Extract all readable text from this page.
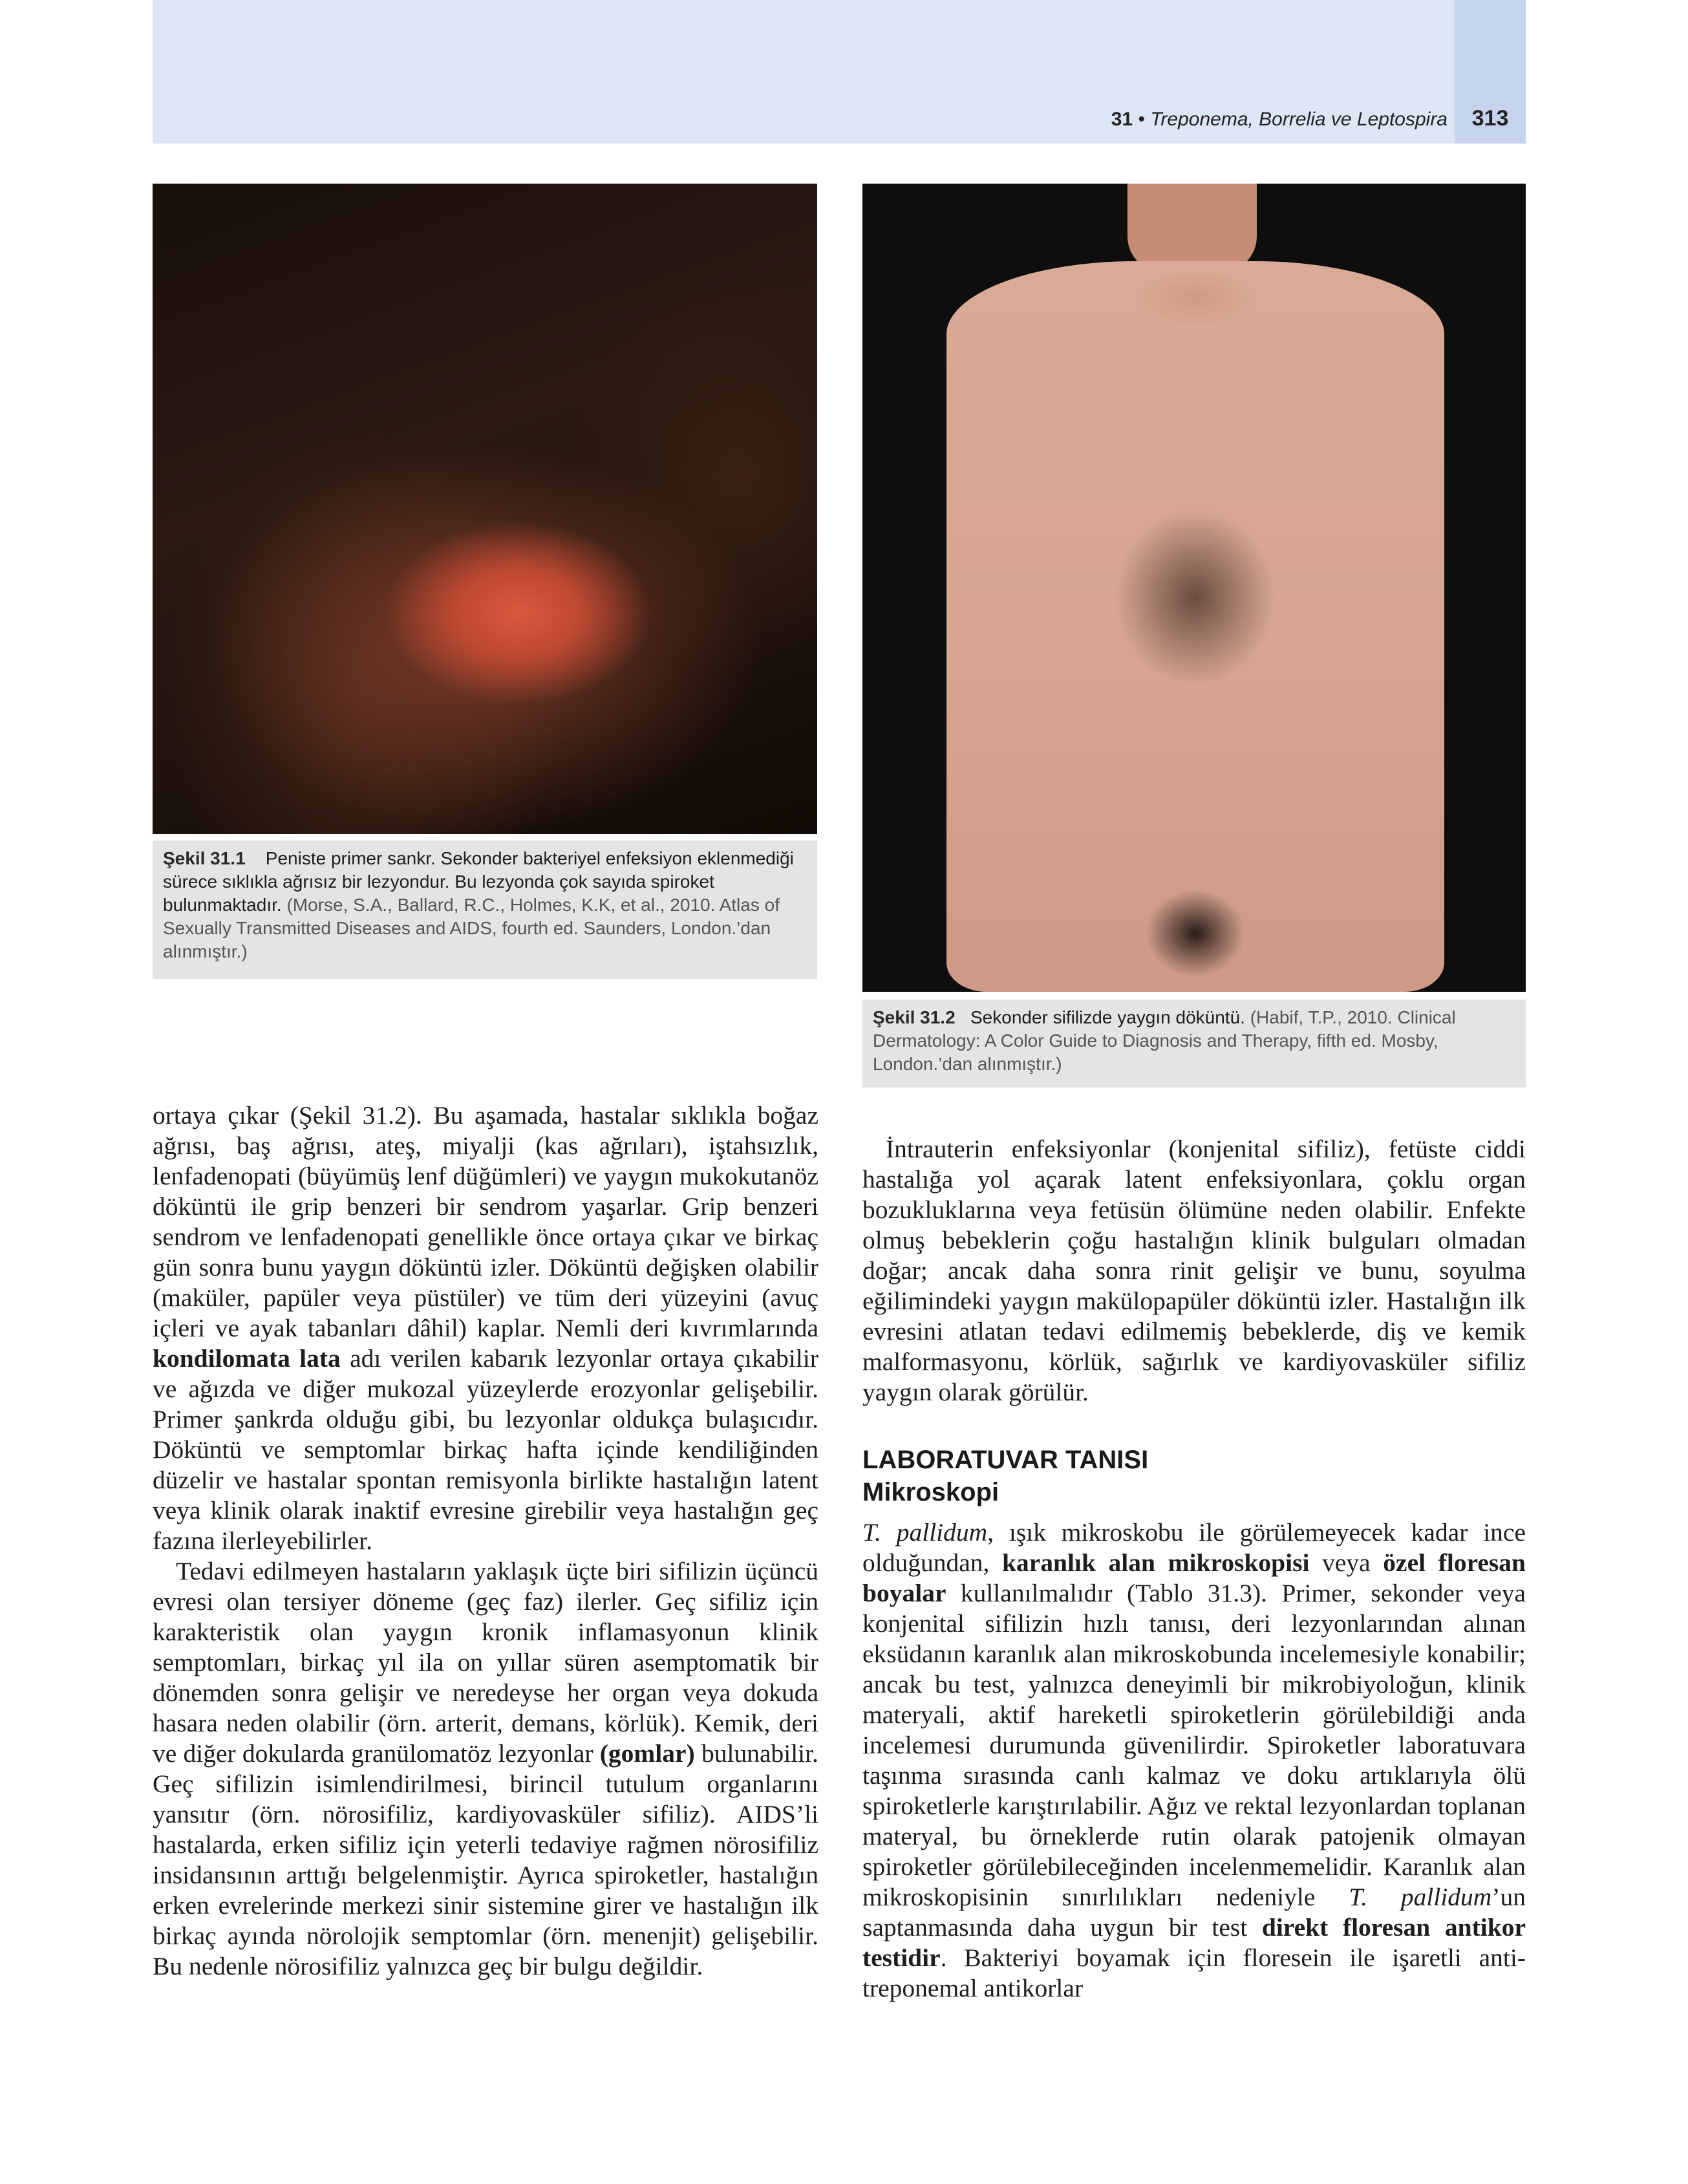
31 • Treponema, Borrelia ve Leptospira	313
Şekil 31.1 Peniste primer sankr. Sekonder bakteriyel enfeksiyon eklenmediği sürece sıklıkla ağrısız bir lezyondur. Bu lezyonda çok sayıda spiroket bulunmaktadır. (Morse, S.A., Ballard, R.C., Holmes, K.K, et al., 2010. Atlas of Sexually Transmitted Diseases and AIDS, fourth ed. Saunders, London.’dan alınmıştır.)
Şekil 31.2 Sekonder sifilizde yaygın döküntü. (Habif, T.P., 2010. Clinical Dermatology: A Color Guide to Diagnosis and Therapy, fifth ed. Mosby, London.’dan alınmıştır.)

ortaya çıkar (Şekil 31.2). Bu aşamada, hastalar sıklıkla boğaz ağrısı, baş ağrısı, ateş, miyalji (kas ağrıları), iştahsızlık, lenfadenopati (büyümüş lenf düğümleri) ve yaygın mukokutanöz döküntü ile grip benzeri bir sendrom yaşarlar. Grip benzeri sendrom ve lenfadenopati genellikle önce ortaya çıkar ve birkaç gün sonra bunu yaygın döküntü izler. Döküntü değişken olabilir (maküler, papüler veya püstüler) ve tüm deri yüzeyini (avuç içleri ve ayak tabanları dâhil) kaplar. Nemli deri kıvrımlarında kondilomata lata adı verilen kabarık lezyonlar ortaya çıkabilir ve ağızda ve diğer mukozal yüzeylerde erozyonlar gelişebilir. Primer şankrda olduğu gibi, bu lezyonlar oldukça bulaşıcıdır. Döküntü ve semptomlar birkaç hafta içinde kendiliğinden düzelir ve hastalar spontan remisyonla birlikte hastalığın latent veya klinik olarak inaktif evresine girebilir veya hastalığın geç fazına ilerleyebilirler.

Tedavi edilmeyen hastaların yaklaşık üçte biri sifilizin üçüncü evresi olan tersiyer döneme (geç faz) ilerler. Geç sifiliz için karakteristik olan yaygın kronik inflamasyonun klinik semptomları, birkaç yıl ila on yıllar süren asemptomatik bir dönemden sonra gelişir ve neredeyse her organ veya dokuda hasara neden olabilir (örn. arterit, demans, körlük). Kemik, deri ve diğer dokularda granülomatöz lezyonlar (gomlar) bulunabilir. Geç sifilizin isimlendirilmesi, birincil tutulum organlarını yansıtır (örn. nörosifiliz, kardiyovasküler sifiliz). AIDS’li hastalarda, erken sifiliz için yeterli tedaviye rağmen nörosifiliz insidansının arttığı belgelenmiştir. Ayrıca spiroketler, hastalığın erken evrelerinde merkezi sinir sistemine girer ve hastalığın ilk birkaç ayında nörolojik semptomlar (örn. menenjit) gelişebilir. Bu nedenle nörosifiliz yalnızca geç bir bulgu değildir.

İntrauterin enfeksiyonlar (konjenital sifiliz), fetüste ciddi hastalığa yol açarak latent enfeksiyonlara, çoklu organ bozukluklarına veya fetüsün ölümüne neden olabilir. Enfekte olmuş bebeklerin çoğu hastalığın klinik bulguları olmadan doğar; ancak daha sonra rinit gelişir ve bunu, soyulma eğilimindeki yaygın makülopapüler döküntü izler. Hastalığın ilk evresini atlatan tedavi edilmemiş bebeklerde, diş ve kemik malformasyonu, körlük, sağırlık ve kardiyovasküler sifiliz yaygın olarak görülür.

LABORATUVAR TANISI
Mikroskopi

T. pallidum, ışık mikroskobu ile görülemeyecek kadar ince olduğundan, karanlık alan mikroskopisi veya özel floresan boyalar kullanılmalıdır (Tablo 31.3). Primer, sekonder veya konjenital sifilizin hızlı tanısı, deri lezyonlarından alınan eksüdanın karanlık alan mikroskobunda incelemesiyle konabilir; ancak bu test, yalnızca deneyimli bir mikrobiyoloğun, klinik materyali, aktif hareketli spiroketlerin görülebildiği anda incelemesi durumunda güvenilirdir. Spiroketler laboratuvara taşınma sırasında canlı kalmaz ve doku artıklarıyla ölü spiroketlerle karıştırılabilir. Ağız ve rektal lezyonlardan toplanan materyal, bu örneklerde rutin olarak patojenik olmayan spiroketler görülebileceğinden incelenmemelidir. Karanlık alan mikroskopisinin sınırlılıkları nedeniyle T. pallidum’un saptanmasında daha uygun bir test direkt floresan antikor testidir. Bakteriyi boyamak için floresein ile işaretli anti-treponemal antikorlar
